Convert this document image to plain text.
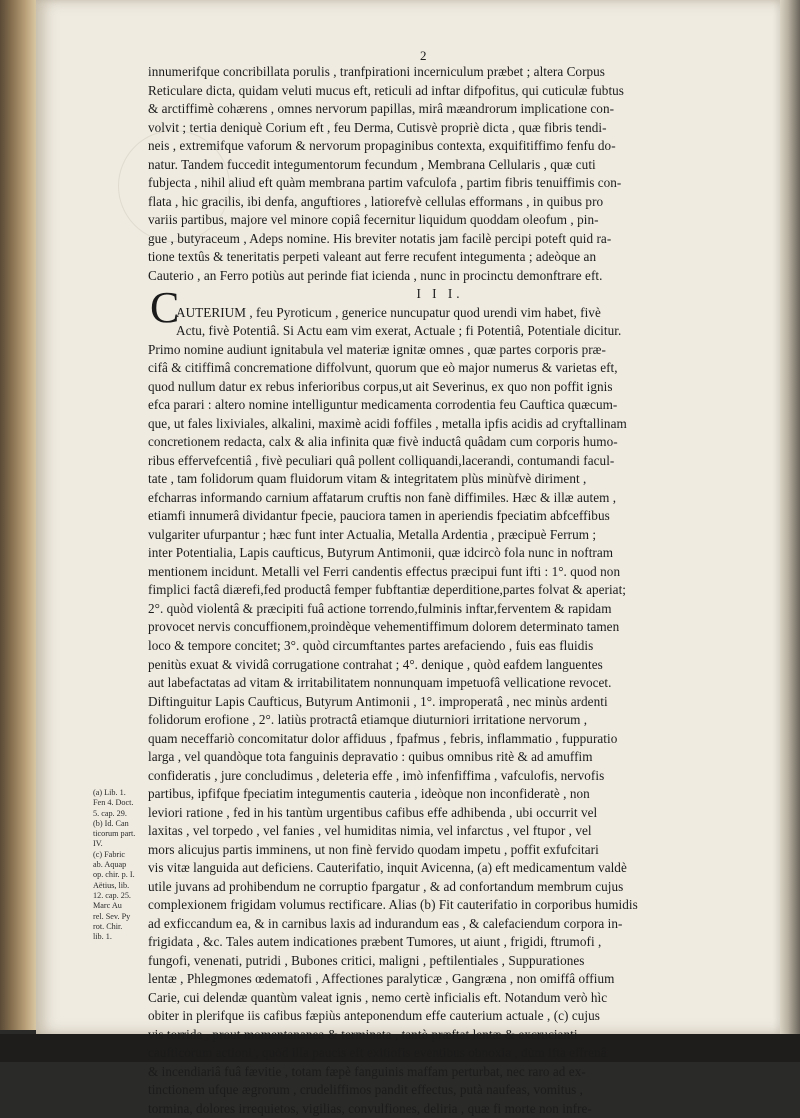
2
C
innumerifque concribillata porulis , tranfpirationi incerniculum præbet ; altera Corpus
Reticulare dicta, quidam veluti mucus eft, reticuli ad inftar difpofitus, qui cuticulæ fubtus
& arctiffimè cohærens , omnes nervorum papillas, mirâ mæandrorum implicatione con-
volvit ; tertia deniquè Corium eft , feu Derma, Cutisvè propriè dicta , quæ fibris tendi-
neis , extremifque vaforum & nervorum propaginibus contexta, exquifitiffimo fenfu do-
natur. Tandem fuccedit integumentorum fecundum , Membrana Cellularis , quæ cuti
fubjecta , nihil aliud eft quàm membrana partim vafculofa , partim fibris tenuiffimis con-
flata , hic gracilis, ibi denfa, anguftiores , latiorefvè cellulas efformans , in quibus pro
variis partibus, majore vel minore copiâ fecernitur liquidum quoddam oleofum , pin-
gue , butyraceum , Adeps nomine. His breviter notatis jam facilè percipi poteft quid ra-
tione textûs & teneritatis perpeti valeant aut ferre recufent integumenta ; adeòque an
Cauterio , an Ferro potiùs aut perinde fiat icienda , nunc in procinctu demonftrare eft.
I I I.
AUTERIUM , feu Pyroticum , generice nuncupatur quod urendi vim habet, fivè
Actu, fivè Potentiâ. Si Actu eam vim exerat, Actuale ; fi Potentiâ, Potentiale dicitur.
Primo nomine audiunt ignitabula vel materiæ ignitæ omnes , quæ partes corporis præ-
cifâ & citiffimâ concrematione diffolvunt, quorum que eò major numerus & varietas eft,
quod nullum datur ex rebus inferioribus corpus,ut ait Severinus, ex quo non poffit ignis
efca parari : altero nomine intelliguntur medicamenta corrodentia feu Cauftica quæcum-
que, ut fales lixiviales, alkalini, maximè acidi foffiles , metalla ipfis acidis ad cryftallinam
concretionem redacta, calx & alia infinita quæ fivè inductâ quâdam cum corporis humo-
ribus effervefcentiâ , fivè peculiari quâ pollent colliquandi,lacerandi, contumandi facul-
tate , tam folidorum quam fluidorum vitam & integritatem plùs minùfvè diriment ,
efcharras informando carnium affatarum cruftis non fanè diffimiles. Hæc & illæ autem ,
etiamfi innumerâ dividantur fpecie, pauciora tamen in aperiendis fpeciatim abfceffibus
vulgariter ufurpantur ; hæc funt inter Actualia, Metalla Ardentia , præcipuè Ferrum ;
inter Potentialia, Lapis caufticus, Butyrum Antimonii, quæ idcircò fola nunc in noftram
mentionem incidunt. Metalli vel Ferri candentis effectus præcipui funt ifti : 1°. quod non
fimplici factâ diærefi,fed productâ femper fubftantiæ deperditione,partes folvat & aperiat;
2°. quòd violentâ & præcipiti fuâ actione torrendo,fulminis inftar,ferventem & rapidam
provocet nervis concuffionem,proindèque vehementiffimum dolorem determinato tamen
loco & tempore concitet; 3°. quòd circumftantes partes arefaciendo , fuis eas fluidis
penitùs exuat & vividâ corrugatione contrahat ; 4°. denique , quòd eafdem languentes
aut labefactatas ad vitam & irritabilitatem nonnunquam impetuofâ vellicatione revocet.
Diftinguitur Lapis Caufticus, Butyrum Antimonii , 1°. improperatâ , nec minùs ardenti
folidorum erofione , 2°. latiùs protractâ etiamque diuturniori irritatione nervorum ,
quam neceffariò concomitatur dolor affiduus , fpafmus , febris, inflammatio , fuppuratio
larga , vel quandòque tota fanguinis depravatio : quibus omnibus ritè & ad amuffim
confideratis , jure concludimus , deleteria effe , imò infenfiffima , vafculofis, nervofis
partibus, ipfifque fpeciatim integumentis cauteria , ideòque non inconfideratè , non
leviori ratione , fed in his tantùm urgentibus cafibus effe adhibenda , ubi occurrit vel
laxitas , vel torpedo , vel fanies , vel humiditas nimia, vel infarctus , vel ftupor , vel
mors alicujus partis imminens, ut non finè fervido quodam impetu , poffit exfufcitari
vis vitæ languida aut deficiens. Cauterifatio, inquit Avicenna, (a) eft medicamentum valdè
utile juvans ad prohibendum ne corruptio fpargatur , & ad confortandum membrum cujus
complexionem frigidam volumus rectificare. Alias (b) Fit cauterifatio in corporibus humidis
ad exficcandum ea, & in carnibus laxis ad indurandum eas , & calefaciendum corpora in-
frigidata , &c. Tales autem indicationes præbent Tumores, ut aiunt , frigidi, ftrumofi ,
fungofi, venenati, putridi , Bubones critici, maligni , peftilentiales , Suppurationes
lentæ , Phlegmones œdematofi , Affectiones paralyticæ , Gangræna , non omiffâ offium
Carie, cui delendæ quantùm valeat ignis , nemo certè inficialis eft. Notandum verò hìc
obiter in plerifque iis cafibus fæpiùs anteponendum effe cauterium actuale , (c) cujus
vis torrida , prout momentananea & terminata , tantò præftat lentæ & excrucianti
cauftìcorum actioni , quòd illa paucis eft exitiofis eventibus obnoxia , dùm ifta effrenâ
& incendiariâ fuâ fævitie , totam fæpè fanguinis maffam perturbat, nec raro ad ex-
tinctionem ufque ægrorum , crudeliffimos pandit effectus, putà naufeas, vomitus ,
tormina, dolores irrequietos, vigilias, convulfiones, deliria , quæ fi morte non infre-
(a) Lib. 1.
Fen 4. Doct.
5. cap. 29.
(b) Id. Can
ticorum part.
IV.
(c) Fabric
ab. Aquap
op. chir. p. I.
Aëtius, lib.
12. cap. 25.
Marc Au
rel. Sev. Py
rot. Chir.
lib. 1.
